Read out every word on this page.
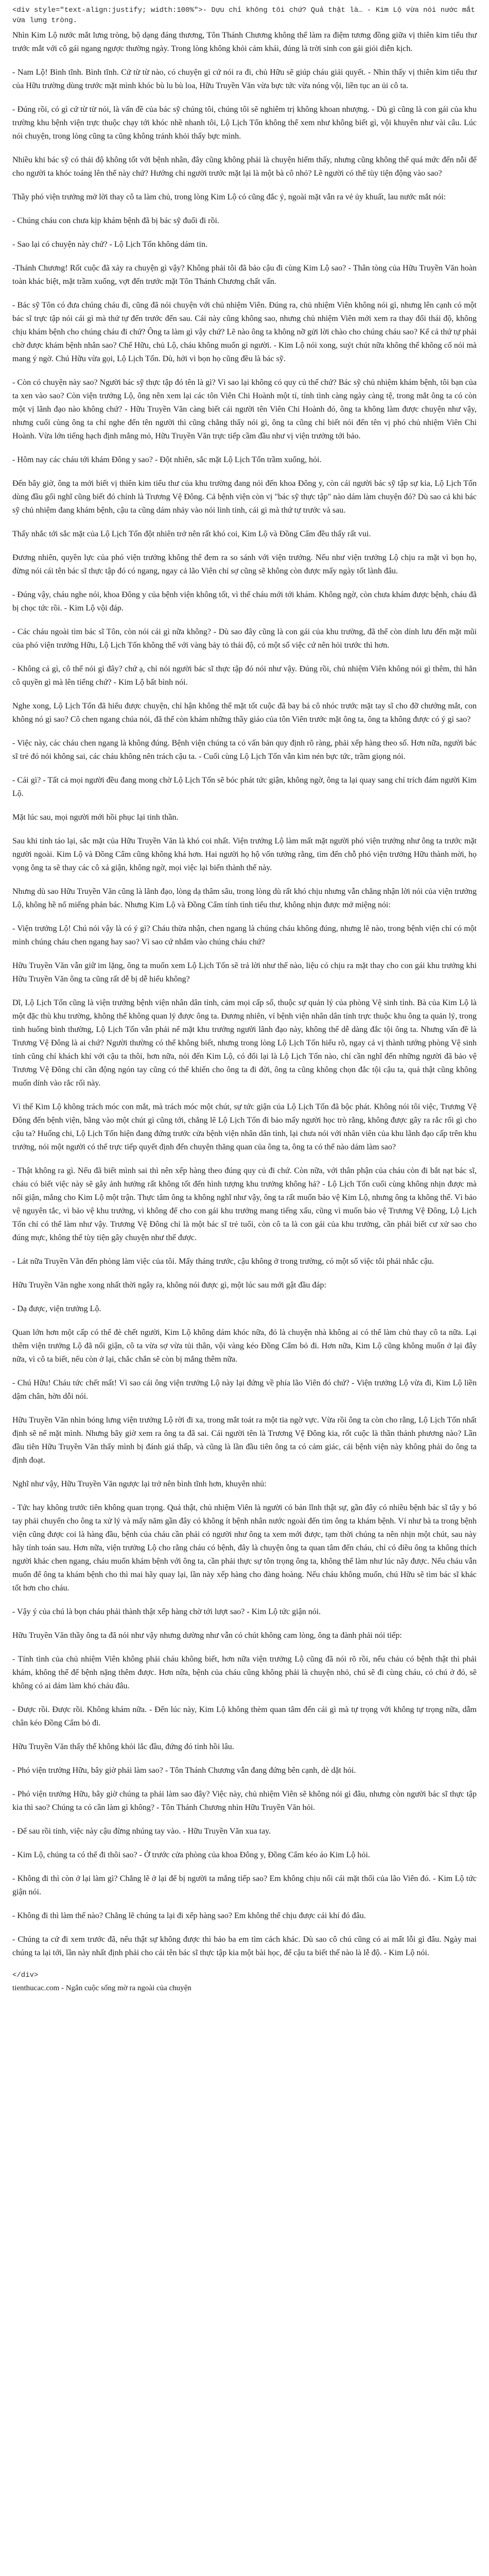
<div style="text-align:justify; width:100%">- Dựu chỉ không tôi chứ? Quả thật là… - Kim Lộ vừa nói nước mắt vừa lưng tròng.

Nhìn Kim Lộ nước mắt lưng tròng, bộ dạng đáng thương, Tôn Thánh Chương không thể làm ra điệm tương đồng giữa vị thiên kim tiểu thư trước mắt với cô gái ngang ngược thường ngày. Trong lòng không khỏi cảm khái, đúng là trời sinh con gái giỏi diễn kịch.

- Nam Lộ! Bình tĩnh. Bình tĩnh. Cứ từ từ nào, có chuyện gì cứ nói ra đi, chủ Hữu sẽ giúp cháu giải quyết. - Nhìn thấy vị thiên kim tiểu thư của Hữu trường dùng trước mặt mình khóc bù lu bù loa, Hữu Truyền Văn vừa bực tức vừa nóng vội, liền tục an ủi cô ta.

- Đúng rồi, có gì cứ từ từ nói, là vấn đề của bác sỹ chúng tôi, chúng tôi sẽ nghiêm trị không khoan nhượng. - Dù gì cũng là con gái của khu trường khu bệnh viện trực thuộc chạy tới khóc nhề nhanh tôi, Lộ Lịch Tốn không thể xem như không biết gì, vội khuyên như vài câu. Lúc nói chuyện, trong lòng cũng ta cũng không tránh khỏi thấy bực mình.

Nhiều khi bác sỹ có thái độ không tốt với bệnh nhân, đây cũng không phải là chuyện hiếm thấy, nhưng cũng không thể quá mức đến nỗi để cho người ta khóc toáng lên thế này chứ? Hướng chi người trước mặt lại là một bà cô nhỏ? Lẽ người có thể tùy tiện động vào sao?

Thầy phó viện trưởng mở lời thay cô ta làm chủ, trong lòng Kim Lộ có cũng đắc ý, ngoài mặt vẫn ra vẻ ủy khuất, lau nước mắt nói:

- Chúng cháu con chưa kịp khám bệnh đã bị bác sỹ đuổi đi rồi.

- Sao lại có chuyện này chứ? - Lộ Lịch Tốn không dám tin.

-Thánh Chương! Rốt cuộc đã xảy ra chuyện gì vậy? Không phải tôi đã bảo cậu đi cùng Kim Lộ sao? - Thân tòng của Hữu Truyền Văn hoàn toàn khác biệt, mặt trầm xuống, vợt đến trước mặt Tôn Thánh Chương chất vấn.

- Bác sỹ Tôn có đưa chúng cháu đi, cũng đã nói chuyện với chủ nhiệm Viên. Đúng ra, chủ nhiệm Viên không nói gì, nhưng lên cạnh có một bác sĩ trực tập nói cái gì mà thứ tự đến trước đến sau. Cái này cũng không sao, nhưng chủ nhiệm Viên mới xem ra thay đổi thái độ, không chịu khám bệnh cho chúng cháu đi chứ? Ông ta làm gì vậy chứ? Lẽ nào ông ta không nỡ gửi lời chào cho chúng cháu sao? Kể cả thứ tự phải chờ được khám bệnh nhân sao? Chế Hữu, chủ Lộ, cháu không muốn gì người. - Kim Lộ nói xong, suýt chút nữa không thể không cố nói mà mang ý ngờ. Chú Hữu vừa gọi, Lộ Lịch Tốn. Dù, hởi vì bọn họ cũng đều là bác sỹ.

- Còn có chuyện này sao? Người bác sỹ thực tập đó tên là gì? Vì sao lại không có quy củ thế chứ? Bác sỹ chủ nhiệm khám bệnh, tôi bạn của ta xen vào sao? Còn viện trưởng Lộ, ông nên xem lại các tôn Viên Chi Hoành một tí, tính tình càng ngày càng tệ, trong mắt ông ta có còn một vị lãnh đạo nào không chứ? - Hữu Truyền Văn càng biết cái người tên Viên Chi Hoành đó, ông ta không làm được chuyện như vậy, nhưng cuối cùng ông ta chỉ nghe đến tên người thì cũng chẳng thấy nói gì, ông ta cũng chỉ biết nói đến tên vị phó chủ nhiệm Viên Chi Hoành. Vừa lớn tiếng hạch định mắng mỏ, Hữu Truyền Văn trực tiếp cầm đầu như vị viện trưởng tới bảo.

- Hôm nay các cháu tới khám Đông y sao? - Đột nhiên, sắc mặt Lộ Lịch Tốn trầm xuống, hỏi.

Đến bây giờ, ông ta mới biết vị thiên kim tiểu thư của khu trường đang nói đến khoa Đông y, còn cái người bác sỹ tập sự kia, Lộ Lịch Tốn dùng đầu gối nghĩ cũng biết đó chính là Trương Vệ Đông. Cả bệnh viện còn vị "bác sỹ thực tập" nào dám làm chuyện đó? Dù sao cả khi bác sỹ chủ nhiệm đang khám bệnh, cậu ta cũng dám nhảy vào nói linh tinh, cái gì mà thứ tự trước và sau.

Thấy nhắc tới sắc mặt của Lộ Lịch Tốn đột nhiên trở nên rất khó coi, Kim Lộ và Đồng Cẩm đều thấy rất vui.

Đương nhiên, quyền lực của phó viện trưởng không thể đem ra so sánh với viện trưởng. Nếu như viện trưởng Lộ chịu ra mặt vì bọn họ, đừng nói cái tên bác sĩ thực tập đó có ngang, ngay cả lão Viên chỉ sợ cũng sẽ không còn được mấy ngày tốt lành đâu.

- Đúng vậy, cháu nghe nói, khoa Đông y của bệnh viện không tốt, vì thế cháu mới tới khám. Không ngờ, còn chưa khám được bệnh, cháu đã bị chọc tức rồi. - Kim Lộ vội đáp.

- Các cháu ngoài tìm bác sĩ Tôn, còn nói cái gì nữa không? - Dù sao đây cũng là con gái của khu trường, đã thế còn dính lưu đến mặt mũi của phó viện trưởng Hữu, Lộ Lịch Tốn không thể với vàng bảy tỏ thái độ, có một số việc cứ nên hỏi trước thì hơn.

- Không cả gì, cô thế nói gì đây? chứ ạ, chỉ nói người bác sĩ thực tập đó nói như vậy. Đúng rồi, chủ nhiệm Viên không nói gì thêm, thì hẳn cô quyền gì mà lên tiếng chứ? - Kim Lộ bất bình nói.

Nghe xong, Lộ Lịch Tốn đã hiểu được chuyện, chỉ hận không thể mặt tốt cuộc đã bay bá cô nhóc trước mặt tay sĩ cho đỡ chướng mắt, con không nó gì sao? Cô chen ngang chúa nói, đã thế còn khám những thầy giáo của tôn Viên trước mặt ông ta, ông ta không được có ý gì sao?

- Việc này, các cháu chen ngang là không đúng. Bệnh viện chúng ta có vấn bản quy định rõ ràng, phải xếp hàng theo số. Hơn nữa, người bác sĩ trẻ đó nói không sai, các cháu không nên trách cậu ta. - Cuối cùng Lộ Lịch Tốn vẫn kìm nén bực tức, trầm giọng nói.

- Cái gì? - Tất cả mọi người đều đang mong chờ Lộ Lịch Tốn sẽ bóc phát tức giận, không ngờ, ông ta lại quay sang chỉ trích đám người Kim Lộ.

Mặt lúc sau, mọi người mới hồi phục lại tinh thần.

Sau khi tỉnh táo lại, sắc mặt của Hữu Truyền Văn là khó coi nhất. Viện trưởng Lộ làm mất mặt người phó viện trưởng như ông ta trước mặt người ngoài. Kim Lộ và Đồng Cẩm cũng không khá hơn. Hai người họ hộ vốn tưởng rằng, tìm đến chỗ phó viện trưởng Hữu thành mời, họ vọng ông ta sẽ thay các cô xả giận, không ngờ, mọi việc lại biến thành thế này.

Nhưng dù sao Hữu Truyền Văn cũng là lãnh đạo, lòng dạ thâm sâu, trong lòng dù rất khó chịu nhưng vẫn chẳng nhận lời nói của viện trưởng Lộ, không hề nổ miếng phản bác. Nhưng Kim Lộ và Đồng Cẩm tính tình tiểu thư, không nhịn được mở miệng nói:

- Viện trưởng Lộ! Chú nói vậy là có ý gì? Cháu thừa nhận, chen ngang là chúng cháu không đúng, nhưng lẽ nào, trong bệnh viện chỉ có một mình chúng cháu chen ngang hay sao? Vì sao cứ nhắm vào chúng cháu chứ?

Hữu Truyền Văn vẫn giữ im lặng, ông ta muốn xem Lộ Lịch Tốn sẽ trả lời như thế nào, liệu có chịu ra mặt thay cho con gái khu trưởng khi Hữu Truyền Văn ông ta cũng rất dễ bị dễ hiểu không?

Dĩ, Lộ Lịch Tốn cũng là viện trưởng bệnh viện nhân dân tỉnh, cảm mọi cấp số, thuộc sự quản lý của phòng Vệ sinh tỉnh. Bà của Kim Lộ là một đặc thù khu trường, không thể không quan lý được ông ta. Đương nhiên, ví bệnh viện nhân dân tỉnh trực thuộc khu ông ta quản lý, trong tình huống bình thường, Lộ Lịch Tốn vẫn phải nể mặt khu trưởng người lãnh đạo này, không thể dễ dàng đắc tội ông ta. Nhưng vấn đề là Trương Vệ Đông là ai chứ? Người thường có thể không biết, nhưng trong lòng Lộ Lịch Tốn hiểu rõ, ngay cả vị thành tướng phòng Vệ sinh tỉnh cũng chỉ khách khí với cậu ta thôi, hơn nữa, nói đến Kim Lộ, có đổi lại là Lộ Lịch Tốn nào, chỉ cần nghĩ đến những người đã bảo vệ Trương Vệ Đông chỉ cần động ngón tay cũng có thể khiến cho ông ta đi đời, ông ta cũng không chọn đắc tội cậu ta, quả thật cũng không muốn dính vào rắc rối này.

Vì thế Kim Lộ không trách móc con mắt, mà trách móc một chút, sự tức giận của Lộ Lịch Tốn đã bộc phát. Không nói tôi việc, Trương Vệ Đông đến bệnh viện, bằng vào một chút gì cũng tới, chẳng lẽ Lộ Lịch Tốn đi bảo mấy người học trò rằng, không được gây ra rắc rối gì cho cậu ta? Huống chi, Lộ Lịch Tốn hiện đang đứng trước cửa bệnh viện nhân dân tỉnh, lại chưa nói với nhân viên của khu lãnh đạo cấp trên khu trưởng, nói một người có thể trực tiếp quyết định đến chuyện thăng quan của ông ta, ông ta có thể nào dám làm sao?

- Thật không ra gì. Nếu đã biết mình sai thì nên xếp hàng theo đúng quy củ đi chứ. Còn nữa, với thân phận của cháu còn đi bắt nạt bác sĩ, cháu có biết việc này sẽ gây ảnh hưởng rất không tốt đến hình tượng khu trưởng không hả? - Lộ Lịch Tốn cuối cùng không nhịn được mà nổi giận, mắng cho Kim Lộ một trận. Thực tâm ông ta không nghĩ như vậy, ông ta rất muốn bảo vệ Kim Lộ, nhưng ông ta không thể. Vì bảo vệ nguyên tắc, vì bảo vệ khu trưởng, vì không để cho con gái khu trưởng mang tiếng xấu, cũng vì muốn bảo vệ Trương Vệ Đông, Lộ Lịch Tốn chỉ có thể làm như vậy. Trương Vệ Đông chỉ là một bác sĩ trẻ tuổi, còn cô ta là con gái của khu trưởng, cần phải biết cư xử sao cho đúng mực, không thể tùy tiện gây chuyện như thế được.

- Lát nữa Truyền Văn đến phòng làm việc của tôi. Mấy tháng trước, cậu không ở trong trường, có một số việc tôi phải nhắc cậu.

Hữu Truyền Văn nghe xong nhất thời ngây ra, không nói được gì, một lúc sau mới gật đầu đáp:

- Dạ được, viện trưởng Lộ.

Quan lớn hơn một cấp có thể đè chết người, Kim Lộ không dám khóc nữa, đó là chuyện nhà không ai có thể làm chủ thay cô ta nữa. Lại thêm viện trưởng Lộ đã nổi giận, cô ta vừa sợ vừa tủi thân, vội vàng kéo Đồng Cẩm bỏ đi. Hơn nữa, Kim Lộ cũng không muốn ở lại đây nữa, vì cô ta biết, nếu còn ở lại, chắc chắn sẽ còn bị mắng thêm nữa.

- Chú Hữu! Cháu tức chết mất! Vì sao cái ông viện trưởng Lộ này lại đứng về phía lão Viên đó chứ? - Viện trưởng Lộ vừa đi, Kim Lộ liền dậm chân, hờn dỗi nói.

Hữu Truyền Văn nhìn bóng lưng viện trưởng Lộ rời đi xa, trong mắt toát ra một tia ngờ vực. Vừa rồi ông ta còn cho rằng, Lộ Lịch Tốn nhất định sẽ nể mặt mình. Nhưng bây giờ xem ra ông ta đã sai. Cái người tên là Trương Vệ Đông kia, rốt cuộc là thần thánh phương nào? Lần đầu tiên Hữu Truyền Văn thấy mình bị đánh giá thấp, và cũng là lần đầu tiên ông ta có cảm giác, cái bệnh viện này không phải do ông ta định đoạt.

Nghĩ như vậy, Hữu Truyền Văn ngược lại trở nên bình tĩnh hơn, khuyên nhủ:

- Tức hay không trước tiên không quan trọng. Quả thật, chủ nhiệm Viên là người có bản lĩnh thật sự, gần đây có nhiều bệnh bác sĩ tây y bó tay phải chuyển cho ông ta xử lý và mấy năm gần đây có không ít bệnh nhân nước ngoài đến tìm ông ta khám bệnh. Ví như bà ta trong bệnh viện cũng được coi là hàng đầu, bệnh của cháu cần phải có người như ông ta xem mới được, tạm thời chúng ta nên nhịn một chút, sau này hãy tính toán sau. Hơn nữa, viện trưởng Lộ cho rằng cháu có bệnh, đây là chuyện ông ta quan tâm đến cháu, chỉ có điều ông ta không thích người khác chen ngang, cháu muốn khám bệnh với ông ta, cần phải thực sự tôn trọng ông ta, không thể làm như lúc nãy được. Nếu cháu vẫn muốn để ông ta khám bệnh cho thì mai hãy quay lại, lần này xếp hàng cho đàng hoàng. Nếu cháu không muốn, chú Hữu sẽ tìm bác sĩ khác tốt hơn cho cháu.

- Vậy ý của chú là bọn cháu phải thành thật xếp hàng chờ tới lượt sao? - Kim Lộ tức giận nói.

Hữu Truyền Văn thầy ông ta đã nói như vậy nhưng dường như vẫn có chút không cam lòng, ông ta đành phải nói tiếp:

- Tính tình của chủ nhiệm Viên không phải cháu không biết, hơn nữa viện trưởng Lộ cũng đã nói rõ rồi, nếu cháu có bệnh thật thì phải khám, không thể để bệnh nặng thêm được. Hơn nữa, bệnh của cháu cũng không phải là chuyện nhỏ, chú sẽ đi cùng cháu, có chú ở đó, sẽ không có ai dám làm khó cháu đâu.

- Được rồi. Được rồi. Không khám nữa. - Đến lúc này, Kim Lộ không thèm quan tâm đến cái gì mà tự trọng với không tự trọng nữa, dẫm chân kéo Đồng Cẩm bỏ đi.

Hữu Truyền Văn thấy thế không khỏi lắc đầu, đứng đó tỉnh hồi lâu.

- Phó viện trưởng Hữu, bây giờ phải làm sao? - Tôn Thánh Chương vẫn đang đứng bên cạnh, dè dặt hỏi.

- Phó viện trưởng Hữu, bây giờ chúng ta phải làm sao đây? Việc này, chủ nhiệm Viên sẽ không nói gì đâu, nhưng còn người bác sĩ thực tập kia thì sao? Chúng ta có cần làm gì không? - Tôn Thánh Chương nhìn Hữu Truyền Văn hỏi.

- Để sau rồi tính, việc này cậu đừng nhúng tay vào. - Hữu Truyền Văn xua tay.

- Kim Lộ, chúng ta có thể đi thôi sao? - Ở trước cửa phòng của khoa Đông y, Đồng Cẩm kéo áo Kim Lộ hỏi.

- Không đi thì còn ở lại làm gì? Chẳng lẽ ở lại để bị người ta mắng tiếp sao? Em không chịu nổi cái mặt thối của lão Viên đó. - Kim Lộ tức giận nói.

- Không đi thì làm thế nào? Chẳng lẽ chúng ta lại đi xếp hàng sao? Em không thể chịu được cái khí đó đâu.

- Chúng ta cứ đi xem trước đã, nếu thật sự không được thì bảo ba em tìm cách khác. Dù sao cô chú cũng có ai mất lỗi gì đâu. Ngày mai chúng ta lại tới, lần này nhất định phải cho cái tên bác sĩ thực tập kia một bài học, để cậu ta biết thế nào là lễ độ. - Kim Lộ nói.

</div>
tienthucac.com - Ngắn cuộc sống mờ ra ngoài của chuyện
